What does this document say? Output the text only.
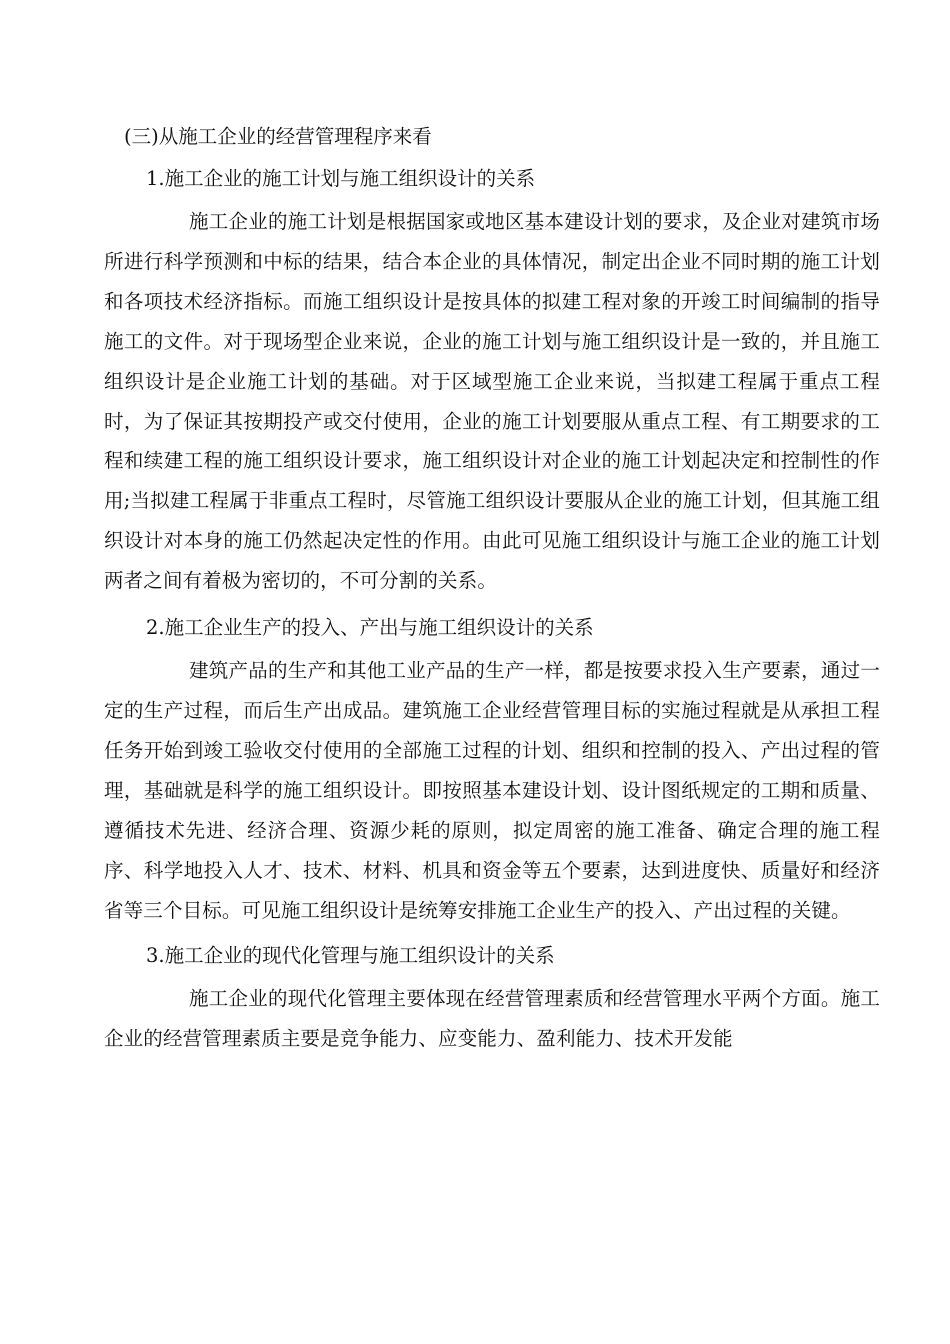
(三)从施工企业的经营管理程序来看
1.施工企业的施工计划与施工组织设计的关系

施工企业的施工计划是根据国家或地区基本建设计划的要求，及企业对建筑市场所进行科学预测和中标的结果，结合本企业的具体情况，制定出企业不同时期的施工计划和各项技术经济指标。而施工组织设计是按具体的拟建工程对象的开竣工时间编制的指导施工的文件。对于现场型企业来说，企业的施工计划与施工组织设计是一致的，并且施工组织设计是企业施工计划的基础。对于区域型施工企业来说，当拟建工程属于重点工程时，为了保证其按期投产或交付使用，企业的施工计划要服从重点工程、有工期要求的工程和续建工程的施工组织设计要求，施工组织设计对企业的施工计划起决定和控制性的作用;当拟建工程属于非重点工程时，尽管施工组织设计要服从企业的施工计划，但其施工组织设计对本身的施工仍然起决定性的作用。由此可见施工组织设计与施工企业的施工计划两者之间有着极为密切的，不可分割的关系。

2.施工企业生产的投入、产出与施工组织设计的关系

建筑产品的生产和其他工业产品的生产一样，都是按要求投入生产要素，通过一定的生产过程，而后生产出成品。建筑施工企业经营管理目标的实施过程就是从承担工程任务开始到竣工验收交付使用的全部施工过程的计划、组织和控制的投入、产出过程的管理，基础就是科学的施工组织设计。即按照基本建设计划、设计图纸规定的工期和质量、遵循技术先进、经济合理、资源少耗的原则，拟定周密的施工准备、确定合理的施工程序、科学地投入人才、技术、材料、机具和资金等五个要素，达到进度快、质量好和经济省等三个目标。可见施工组织设计是统筹安排施工企业生产的投入、产出过程的关键。

3.施工企业的现代化管理与施工组织设计的关系

施工企业的现代化管理主要体现在经营管理素质和经营管理水平两个方面。施工企业的经营管理素质主要是竞争能力、应变能力、盈利能力、技术开发能
